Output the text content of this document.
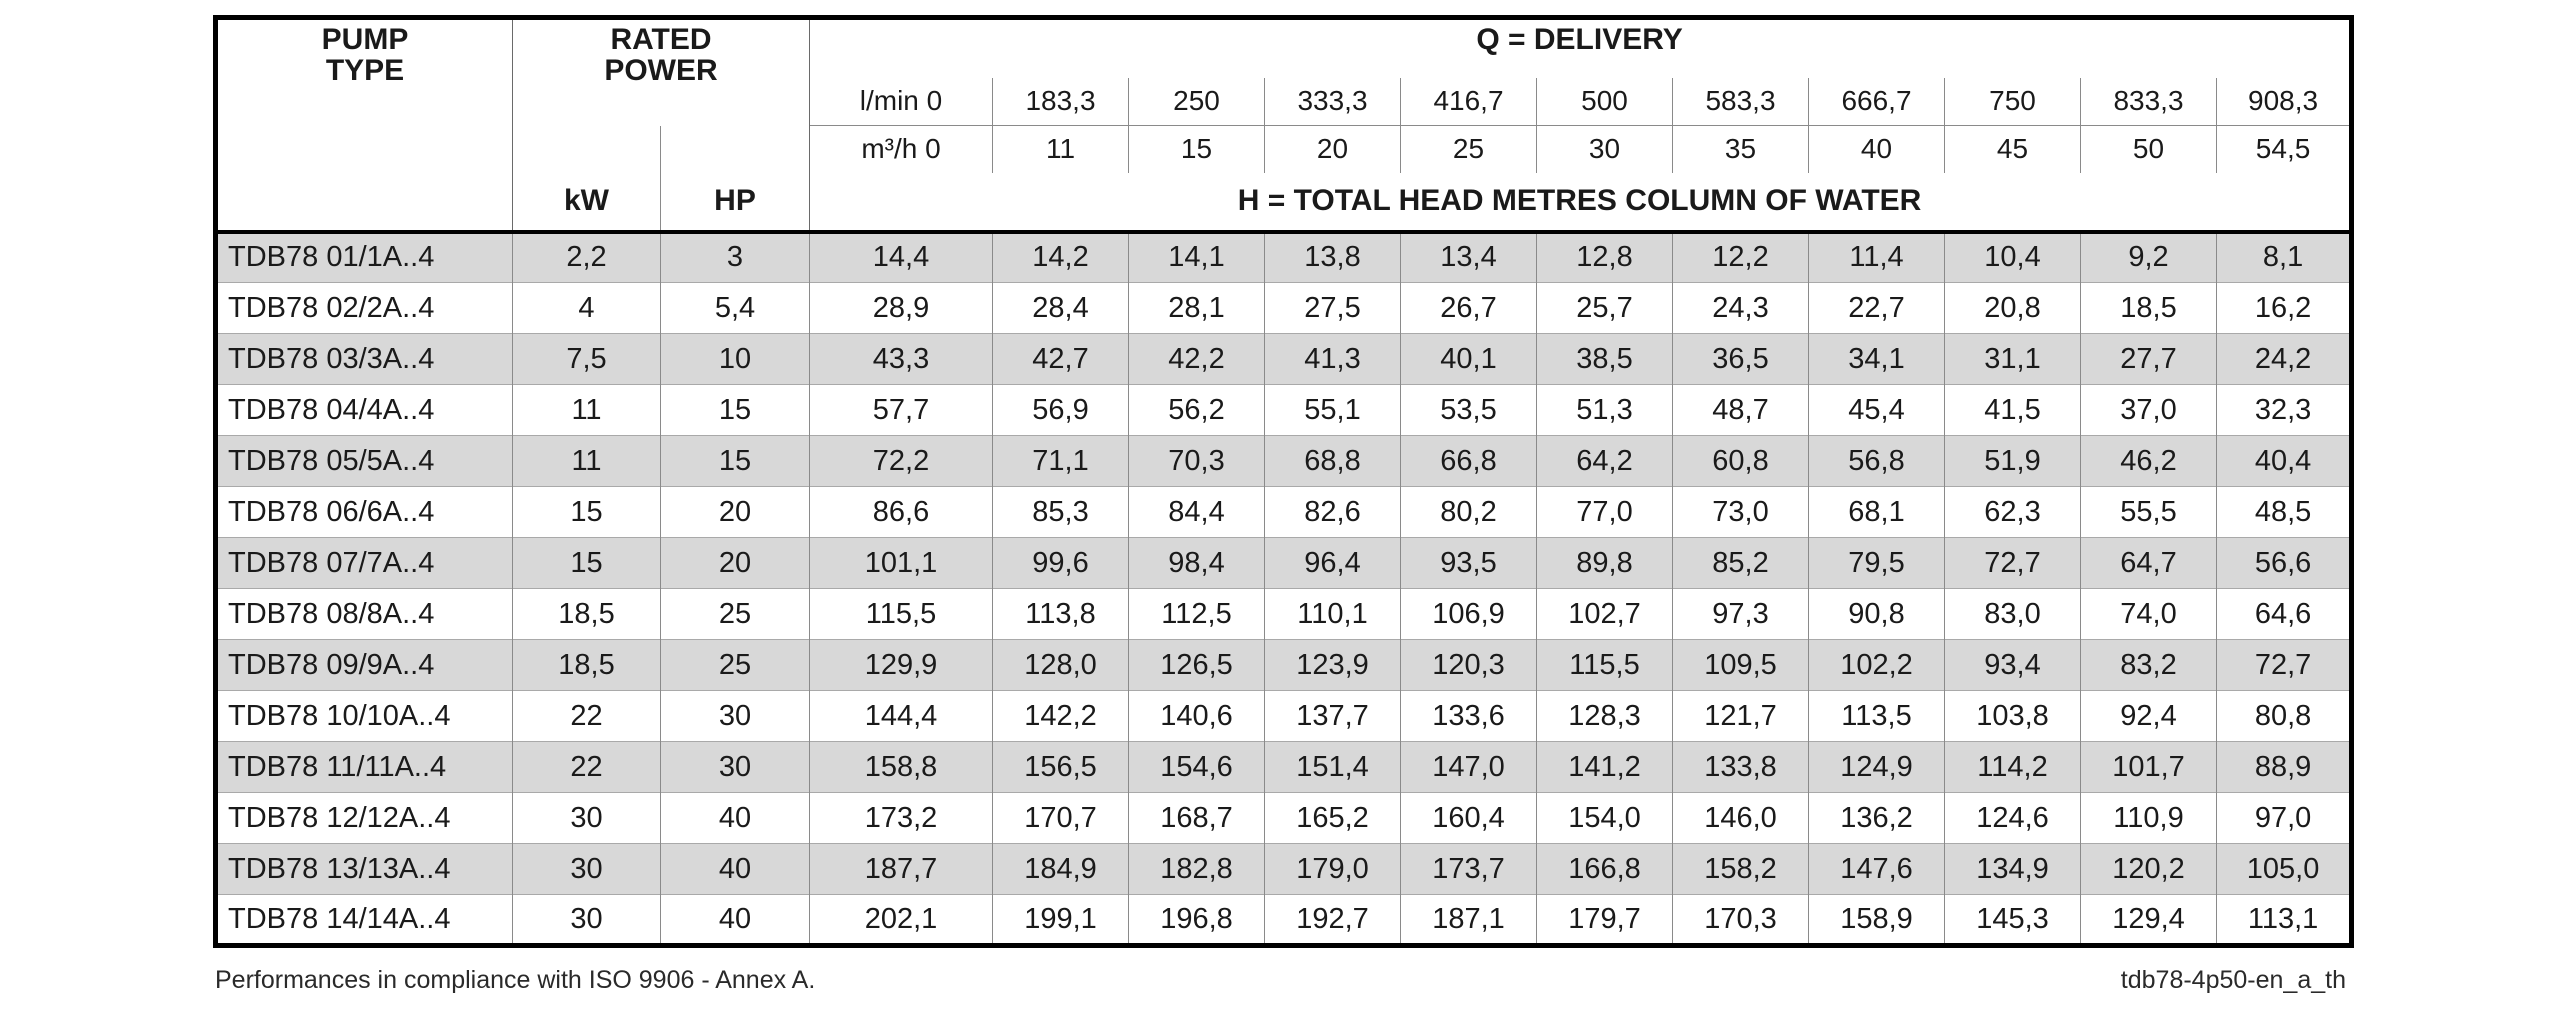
PUMP
TYPE

RATED
POWER
	Q = DELIVERY
			l/min 0	183,3	250	333,3	416,7	500	583,3	666,7	750	833,3	908,3
			m³/h 0	11	15	20	25	30	35	40	45	50	54,5
	kW	HP	H = TOTAL HEAD METRES COLUMN OF WATER										
TDB78 01/1A..4	2,2	3	14,4	14,2	14,1	13,8	13,4	12,8	12,2	11,4	10,4	9,2	8,1
TDB78 02/2A..4	4	5,4	28,9	28,4	28,1	27,5	26,7	25,7	24,3	22,7	20,8	18,5	16,2
TDB78 03/3A..4	7,5	10	43,3	42,7	42,2	41,3	40,1	38,5	36,5	34,1	31,1	27,7	24,2
TDB78 04/4A..4	11	15	57,7	56,9	56,2	55,1	53,5	51,3	48,7	45,4	41,5	37,0	32,3
TDB78 05/5A..4	11	15	72,2	71,1	70,3	68,8	66,8	64,2	60,8	56,8	51,9	46,2	40,4
TDB78 06/6A..4	15	20	86,6	85,3	84,4	82,6	80,2	77,0	73,0	68,1	62,3	55,5	48,5
TDB78 07/7A..4	15	20	101,1	99,6	98,4	96,4	93,5	89,8	85,2	79,5	72,7	64,7	56,6
TDB78 08/8A..4	18,5	25	115,5	113,8	112,5	110,1	106,9	102,7	97,3	90,8	83,0	74,0	64,6
TDB78 09/9A..4	18,5	25	129,9	128,0	126,5	123,9	120,3	115,5	109,5	102,2	93,4	83,2	72,7
TDB78 10/10A..4	22	30	144,4	142,2	140,6	137,7	133,6	128,3	121,7	113,5	103,8	92,4	80,8
TDB78 11/11A..4	22	30	158,8	156,5	154,6	151,4	147,0	141,2	133,8	124,9	114,2	101,7	88,9
TDB78 12/12A..4	30	40	173,2	170,7	168,7	165,2	160,4	154,0	146,0	136,2	124,6	110,9	97,0
TDB78 13/13A..4	30	40	187,7	184,9	182,8	179,0	173,7	166,8	158,2	147,6	134,9	120,2	105,0
TDB78 14/14A..4	30	40	202,1	199,1	196,8	192,7	187,1	179,7	170,3	158,9	145,3	129,4	113,1
Performances in compliance with ISO 9906 - Annex A.	tdb78-4p50-en_a_th
